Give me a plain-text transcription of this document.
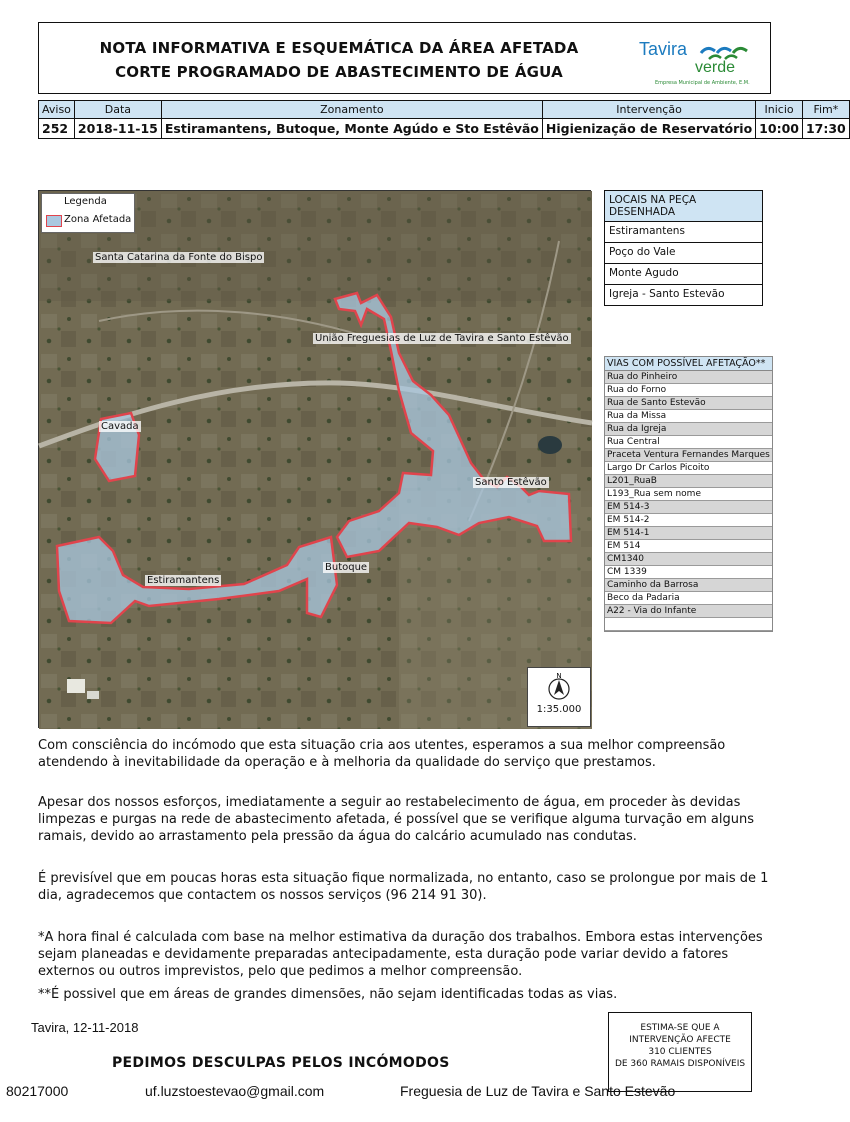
NOTA INFORMATIVA E ESQUEMÁTICA DA ÁREA AFETADA
CORTE PROGRAMADO DE ABASTECIMENTO DE ÁGUA
Tavira
verde
Empresa Municipal de Ambiente, E.M.
Aviso	Data	Zonamento	Intervenção	Inicio	Fim*
252	2018-11-15	Estiramantens, Butoque, Monte Agúdo e Sto Estêvão	Higienização de Reservatório	10:00	17:30
Legenda
Zona Afetada
Santa Catarina da Fonte do Bispo
União Freguesias de Luz de Tavira e Santo Estêvão
Cavada
Santo Estêvão
Estiramantens
Butoque
N
1:35.000
LOCAIS NA PEÇA DESENHADA
Estiramantens
Poço do Vale
Monte Agudo
Igreja - Santo Estevão
VIAS COM POSSÍVEL AFETAÇÃO**
Rua do Pinheiro
Rua do Forno
Rua de Santo Estevão
Rua da Missa
Rua da Igreja
Rua Central
Praceta Ventura Fernandes Marques
Largo Dr Carlos Picoito
L201_RuaB
L193_Rua sem nome
EM 514-3
EM 514-2
EM 514-1
EM 514
CM1340
CM 1339
Caminho da Barrosa
Beco da Padaria
A22 - Via do Infante
Com consciência do incómodo que esta situação cria aos utentes, esperamos a sua melhor compreensão atendendo à inevitabilidade da operação e à melhoria da qualidade do serviço que prestamos.
Apesar dos nossos esforços, imediatamente a seguir ao restabelecimento de água, em proceder às devidas limpezas e purgas na rede de abastecimento afetada, é possível que se verifique alguma turvação em alguns ramais, devido ao arrastamento pela pressão da água do calcário acumulado nas condutas.
É previsível que em poucas horas esta situação fique normalizada, no entanto, caso se prolongue por mais de 1 dia, agradecemos que contactem os nossos serviços (96 214 91 30).
*A hora final é calculada com base na melhor estimativa da duração dos trabalhos. Embora estas intervenções sejam planeadas e devidamente preparadas antecipadamente, esta duração pode variar devido a fatores externos ou outros imprevistos, pelo que pedimos a melhor compreensão.
**É possivel que em áreas de grandes dimensões, não sejam identificadas todas as vias.
Tavira, 12-11-2018	ESTIMA-SE QUE A
INTERVENÇÃO AFECTE
310 CLIENTES
DE 360 RAMAIS DISPONÍVEIS
PEDIMOS DESCULPAS PELOS INCÓMODOS
80217000	uf.luzstoestevao@gmail.com	Freguesia de Luz de Tavira e Santo Estevão
